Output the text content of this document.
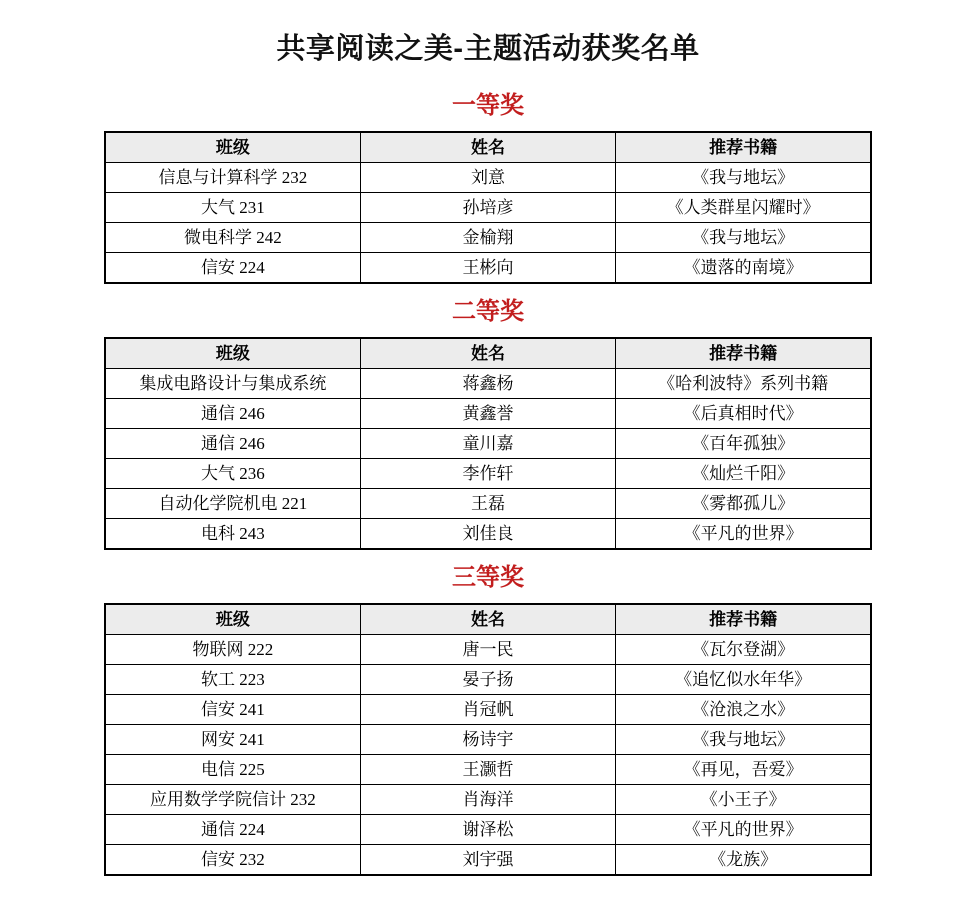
共享阅读之美-主题活动获奖名单
一等奖
班级	姓名	推荐书籍
信息与计算科学 232	刘意	《我与地坛》
大气 231	孙培彦	《人类群星闪耀时》
微电科学 242	金榆翔	《我与地坛》
信安 224	王彬向	《遗落的南境》
二等奖
班级	姓名	推荐书籍
集成电路设计与集成系统	蒋鑫杨	《哈利波特》系列书籍
通信 246	黄鑫誉	《后真相时代》
通信 246	童川嘉	《百年孤独》
大气 236	李作轩	《灿烂千阳》
自动化学院机电 221	王磊	《雾都孤儿》
电科 243	刘佳良	《平凡的世界》
三等奖
班级	姓名	推荐书籍
物联网 222	唐一民	《瓦尔登湖》
软工 223	晏子扬	《追忆似水年华》
信安 241	肖冠帆	《沧浪之水》
网安 241	杨诗宇	《我与地坛》
电信 225	王灏哲	《再见，吾爱》
应用数学学院信计 232	肖海洋	《小王子》
通信 224	谢泽松	《平凡的世界》
信安 232	刘宇强	《龙族》
